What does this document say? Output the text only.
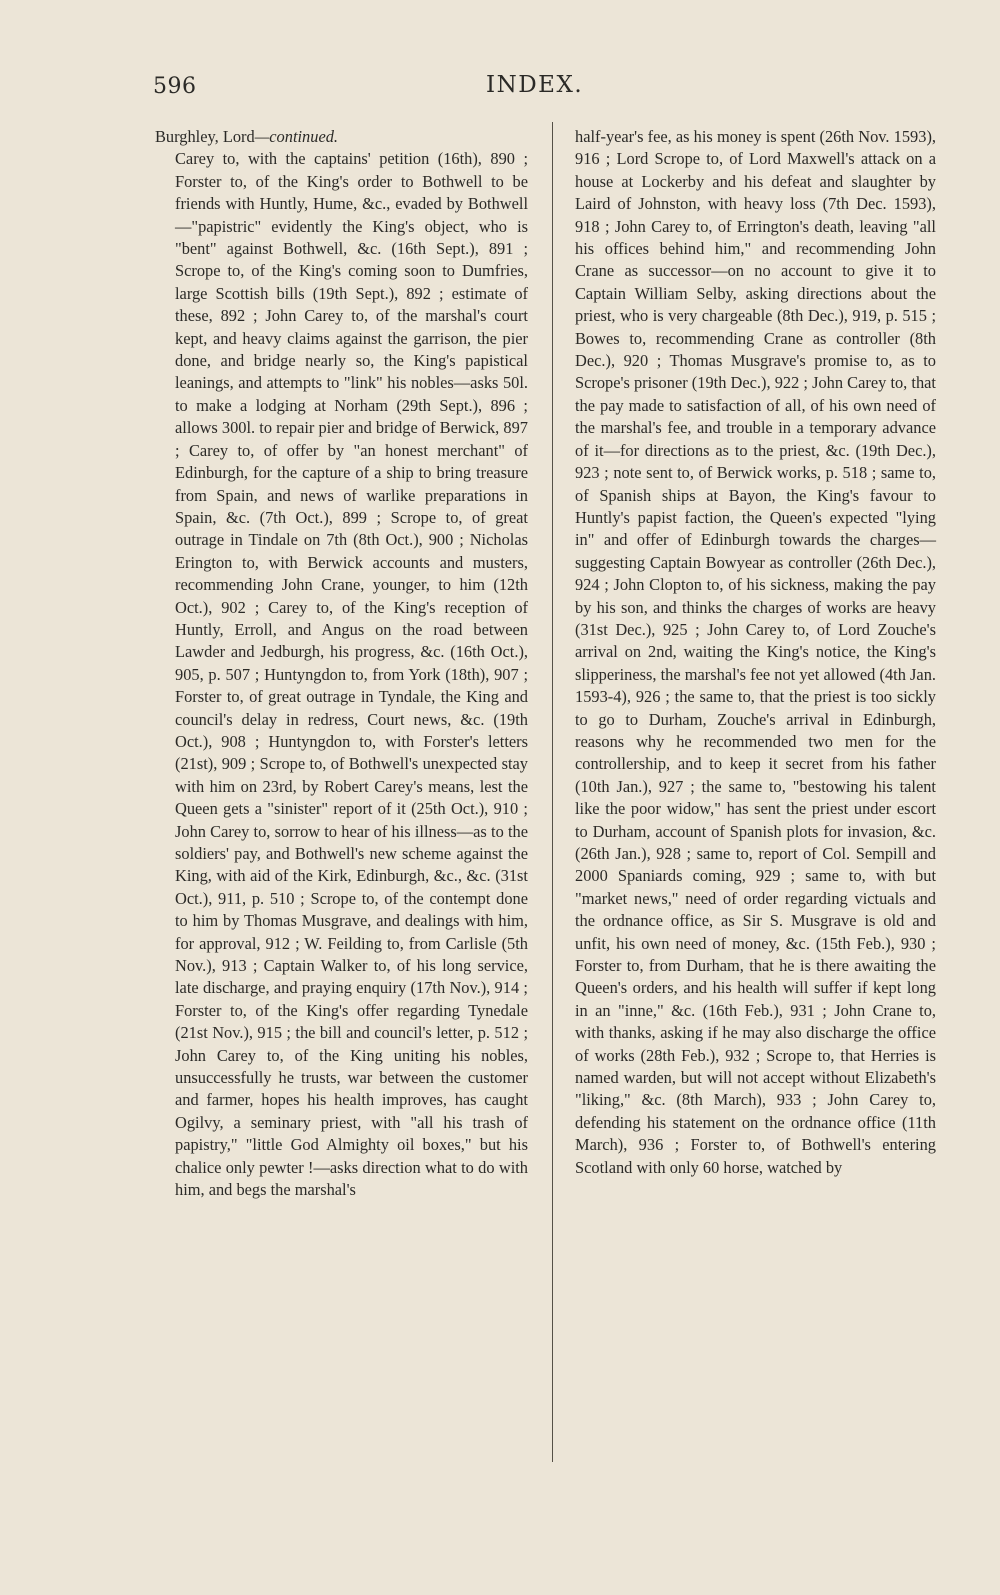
596	INDEX.

Burghley, Lord—continued.

Carey to, with the captains' petition (16th), 890 ; Forster to, of the King's order to Bothwell to be friends with Huntly, Hume, &c., evaded by Bothwell—"papistric" evidently the King's object, who is "bent" against Bothwell, &c. (16th Sept.), 891 ; Scrope to, of the King's coming soon to Dumfries, large Scottish bills (19th Sept.), 892 ; estimate of these, 892 ; John Carey to, of the marshal's court kept, and heavy claims against the garrison, the pier done, and bridge nearly so, the King's papistical leanings, and attempts to "link" his nobles—asks 50l. to make a lodging at Norham (29th Sept.), 896 ; allows 300l. to repair pier and bridge of Berwick, 897 ; Carey to, of offer by "an honest merchant" of Edinburgh, for the capture of a ship to bring treasure from Spain, and news of warlike preparations in Spain, &c. (7th Oct.), 899 ; Scrope to, of great outrage in Tindale on 7th (8th Oct.), 900 ; Nicholas Erington to, with Berwick accounts and musters, recommending John Crane, younger, to him (12th Oct.), 902 ; Carey to, of the King's reception of Huntly, Erroll, and Angus on the road between Lawder and Jedburgh, his progress, &c. (16th Oct.), 905, p. 507 ; Huntyngdon to, from York (18th), 907 ; Forster to, of great outrage in Tyndale, the King and council's delay in redress, Court news, &c. (19th Oct.), 908 ; Huntyngdon to, with Forster's letters (21st), 909 ; Scrope to, of Bothwell's unexpected stay with him on 23rd, by Robert Carey's means, lest the Queen gets a "sinister" report of it (25th Oct.), 910 ; John Carey to, sorrow to hear of his illness—as to the soldiers' pay, and Bothwell's new scheme against the King, with aid of the Kirk, Edinburgh, &c., &c. (31st Oct.), 911, p. 510 ; Scrope to, of the contempt done to him by Thomas Musgrave, and dealings with him, for approval, 912 ; W. Feilding to, from Carlisle (5th Nov.), 913 ; Captain Walker to, of his long service, late discharge, and praying enquiry (17th Nov.), 914 ; Forster to, of the King's offer regarding Tynedale (21st Nov.), 915 ; the bill and council's letter, p. 512 ; John Carey to, of the King uniting his nobles, unsuccessfully he trusts, war between the customer and farmer, hopes his health improves, has caught Ogilvy, a seminary priest, with "all his trash of papistry," "little God Almighty oil boxes," but his chalice only pewter !—asks direction what to do with him, and begs the marshal's

half-year's fee, as his money is spent (26th Nov. 1593), 916 ; Lord Scrope to, of Lord Maxwell's attack on a house at Lockerby and his defeat and slaughter by Laird of Johnston, with heavy loss (7th Dec. 1593), 918 ; John Carey to, of Errington's death, leaving "all his offices behind him," and recommending John Crane as successor—on no account to give it to Captain William Selby, asking directions about the priest, who is very chargeable (8th Dec.), 919, p. 515 ; Bowes to, recommending Crane as controller (8th Dec.), 920 ; Thomas Musgrave's promise to, as to Scrope's prisoner (19th Dec.), 922 ; John Carey to, that the pay made to satisfaction of all, of his own need of the marshal's fee, and trouble in a temporary advance of it—for directions as to the priest, &c. (19th Dec.), 923 ; note sent to, of Berwick works, p. 518 ; same to, of Spanish ships at Bayon, the King's favour to Huntly's papist faction, the Queen's expected "lying in" and offer of Edinburgh towards the charges—suggesting Captain Bowyear as controller (26th Dec.), 924 ; John Clopton to, of his sickness, making the pay by his son, and thinks the charges of works are heavy (31st Dec.), 925 ; John Carey to, of Lord Zouche's arrival on 2nd, waiting the King's notice, the King's slipperiness, the marshal's fee not yet allowed (4th Jan. 1593-4), 926 ; the same to, that the priest is too sickly to go to Durham, Zouche's arrival in Edinburgh, reasons why he recommended two men for the controllership, and to keep it secret from his father (10th Jan.), 927 ; the same to, "bestowing his talent like the poor widow," has sent the priest under escort to Durham, account of Spanish plots for invasion, &c. (26th Jan.), 928 ; same to, report of Col. Sempill and 2000 Spaniards coming, 929 ; same to, with but "market news," need of order regarding victuals and the ordnance office, as Sir S. Musgrave is old and unfit, his own need of money, &c. (15th Feb.), 930 ; Forster to, from Durham, that he is there awaiting the Queen's orders, and his health will suffer if kept long in an "inne," &c. (16th Feb.), 931 ; John Crane to, with thanks, asking if he may also discharge the office of works (28th Feb.), 932 ; Scrope to, that Herries is named warden, but will not accept without Elizabeth's "liking," &c. (8th March), 933 ; John Carey to, defending his statement on the ordnance office (11th March), 936 ; Forster to, of Bothwell's entering Scotland with only 60 horse, watched by
